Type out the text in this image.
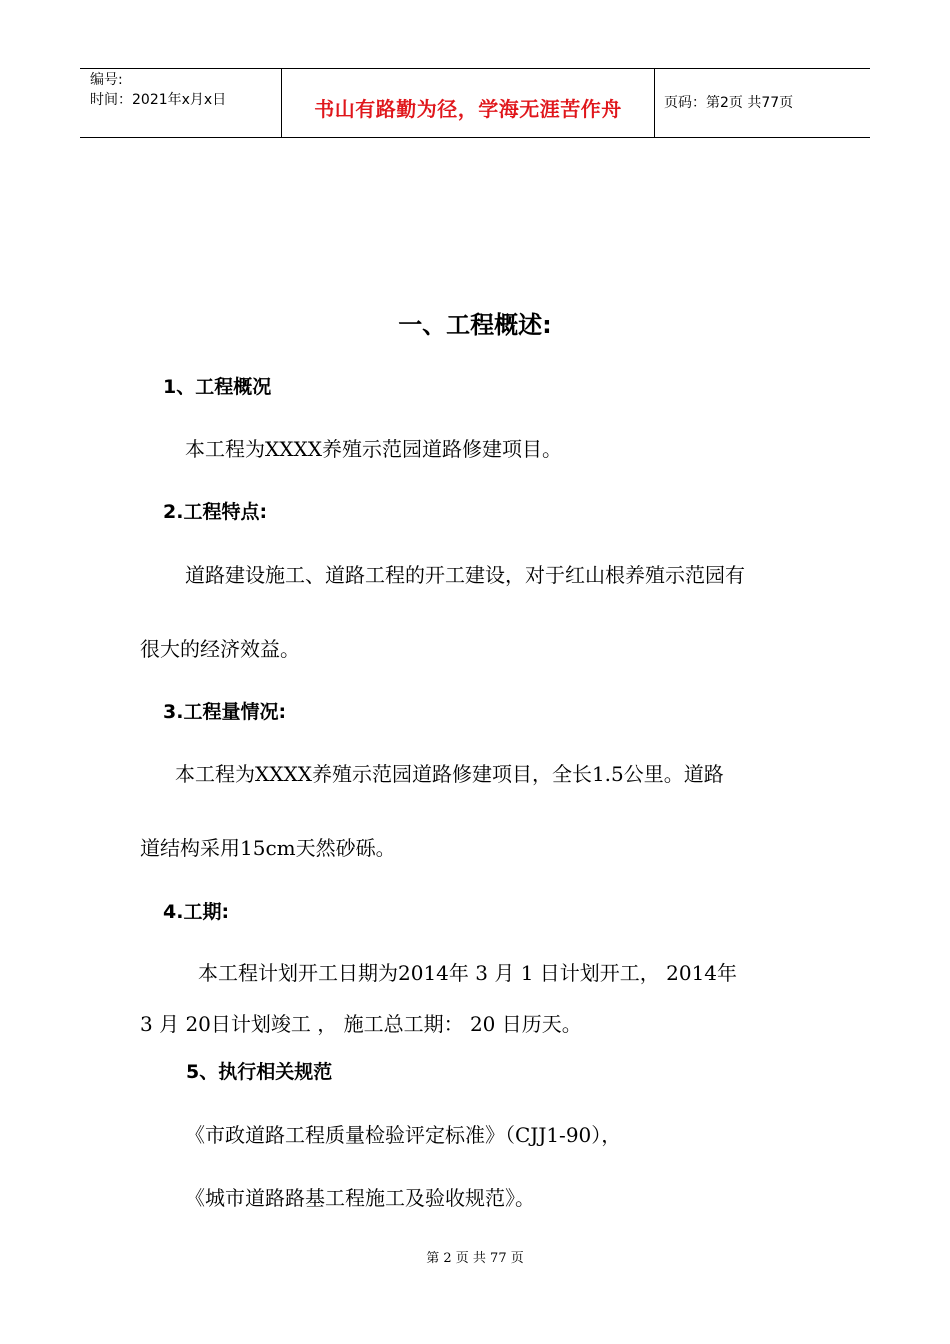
编号:
时间：2021年x月x日	书山有路勤为径，学海无涯苦作舟	页码：第2页 共77页
一、工程概述:
1、工程概况
本工程为XXXX养殖示范园道路修建项目。
2.工程特点:
道路建设施工、道路工程的开工建设，对于红山根养殖示范园有
很大的经济效益。
3.工程量情况:
本工程为XXXX养殖示范园道路修建项目，全长1.5公里。道路
道结构采用15cm天然砂砾。
4.工期:
本工程计划开工日期为2014年 3 月 1 日计划开工， 2014年
3 月 20日计划竣工 ， 施工总工期： 20 日历天。
5、执行相关规范
《市政道路工程质量检验评定标准》（CJJ1-90），
《城市道路路基工程施工及验收规范》。
第 2 页 共 77 页
